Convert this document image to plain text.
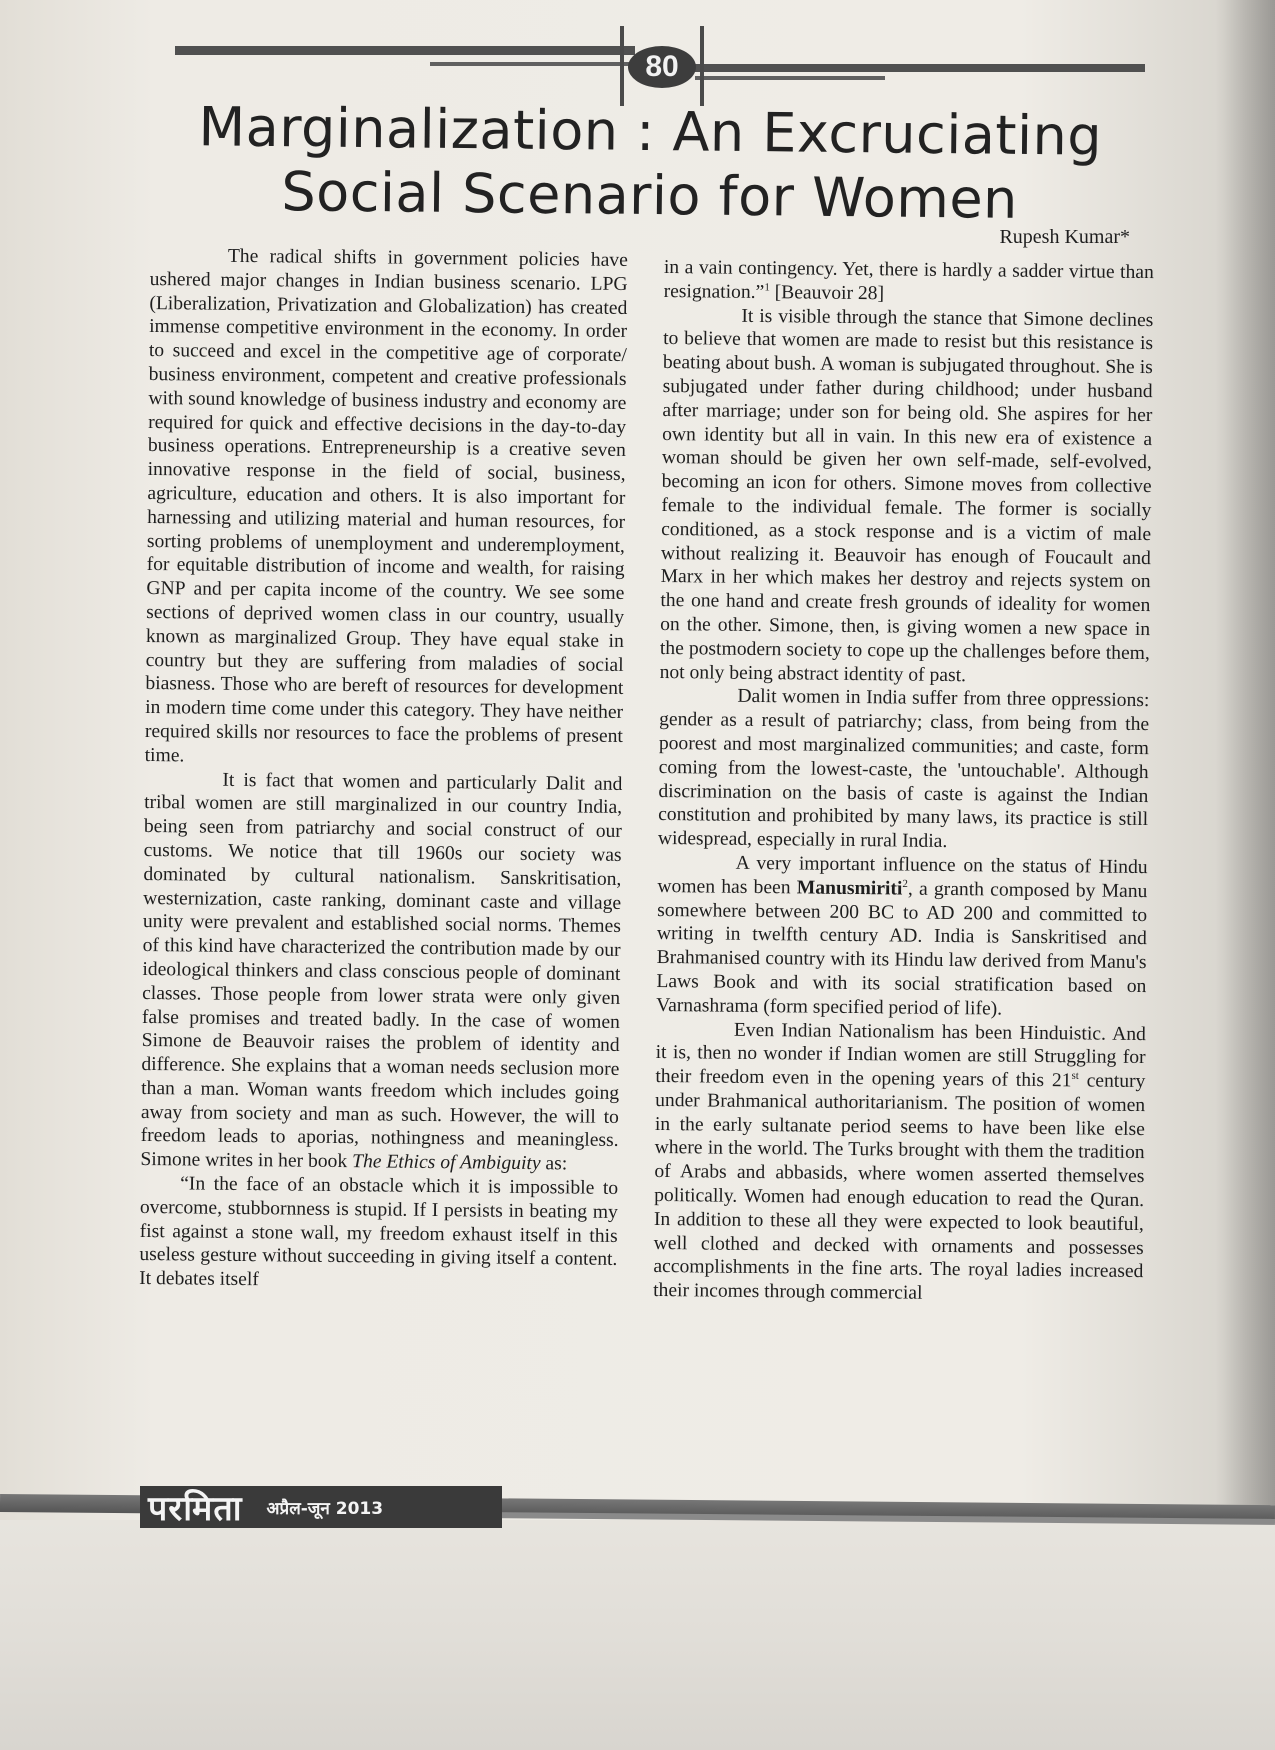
80
Marginalization : An Excruciating Social Scenario for Women
Rupesh Kumar*

The radical shifts in government policies have ushered major changes in Indian business scenario. LPG (Liberalization, Privatization and Globalization) has created immense competitive environment in the economy. In order to succeed and excel in the competitive age of corporate/ business environment, competent and creative professionals with sound knowledge of business industry and economy are required for quick and effective decisions in the day-to-day business operations. Entrepreneurship is a creative seven innovative response in the field of social, business, agriculture, education and others. It is also important for harnessing and utilizing material and human resources, for sorting problems of unemployment and underemployment, for equitable distribution of income and wealth, for raising GNP and per capita income of the country. We see some sections of deprived women class in our country, usually known as marginalized Group. They have equal stake in country but they are suffering from maladies of social biasness. Those who are bereft of resources for development in modern time come under this category. They have neither required skills nor resources to face the problems of present time.

It is fact that women and particularly Dalit and tribal women are still marginalized in our country India, being seen from patriarchy and social construct of our customs. We notice that till 1960s our society was dominated by cultural nationalism. Sanskritisation, westernization, caste ranking, dominant caste and village unity were prevalent and established social norms. Themes of this kind have characterized the contribution made by our ideological thinkers and class conscious people of dominant classes. Those people from lower strata were only given false promises and treated badly. In the case of women Simone de Beauvoir raises the problem of identity and difference. She explains that a woman needs seclusion more than a man. Woman wants freedom which includes going away from society and man as such. However, the will to freedom leads to aporias, nothingness and meaningless. Simone writes in her book The Ethics of Ambiguity as:

“In the face of an obstacle which it is impossible to overcome, stubbornness is stupid. If I persists in beating my fist against a stone wall, my freedom exhaust itself in this useless gesture without succeeding in giving itself a content. It debates itself

in a vain contingency. Yet, there is hardly a sadder virtue than resignation.”$^1$ [Beauvoir 28]

It is visible through the stance that Simone declines to believe that women are made to resist but this resistance is beating about bush. A woman is subjugated throughout. She is subjugated under father during childhood; under husband after marriage; under son for being old. She aspires for her own identity but all in vain. In this new era of existence a woman should be given her own self-made, self-evolved, becoming an icon for others. Simone moves from collective female to the individual female. The former is socially conditioned, as a stock response and is a victim of male without realizing it. Beauvoir has enough of Foucault and Marx in her which makes her destroy and rejects system on the one hand and create fresh grounds of ideality for women on the other. Simone, then, is giving women a new space in the postmodern society to cope up the challenges before them, not only being abstract identity of past.

Dalit women in India suffer from three oppressions: gender as a result of patriarchy; class, from being from the poorest and most marginalized communities; and caste, form coming from the lowest-caste, the 'untouchable'. Although discrimination on the basis of caste is against the Indian constitution and prohibited by many laws, its practice is still widespread, especially in rural India.

A very important influence on the status of Hindu women has been Manusmiriti$^2$, a granth composed by Manu somewhere between 200 BC to AD 200 and committed to writing in twelfth century AD. India is Sanskritised and Brahmanised country with its Hindu law derived from Manu's Laws Book and with its social stratification based on Varnashrama (form specified period of life).

Even Indian Nationalism has been Hinduistic. And it is, then no wonder if Indian women are still Struggling for their freedom even in the opening years of this 21st century under Brahmanical authoritarianism. The position of women in the early sultanate period seems to have been like else where in the world. The Turks brought with them the tradition of Arabs and abbasids, where women asserted themselves politically. Women had enough education to read the Quran. In addition to these all they were expected to look beautiful, well clothed and decked with ornaments and possesses accomplishments in the fine arts. The royal ladies increased their incomes through commercial

परमिता	अप्रैल-जून 2013
